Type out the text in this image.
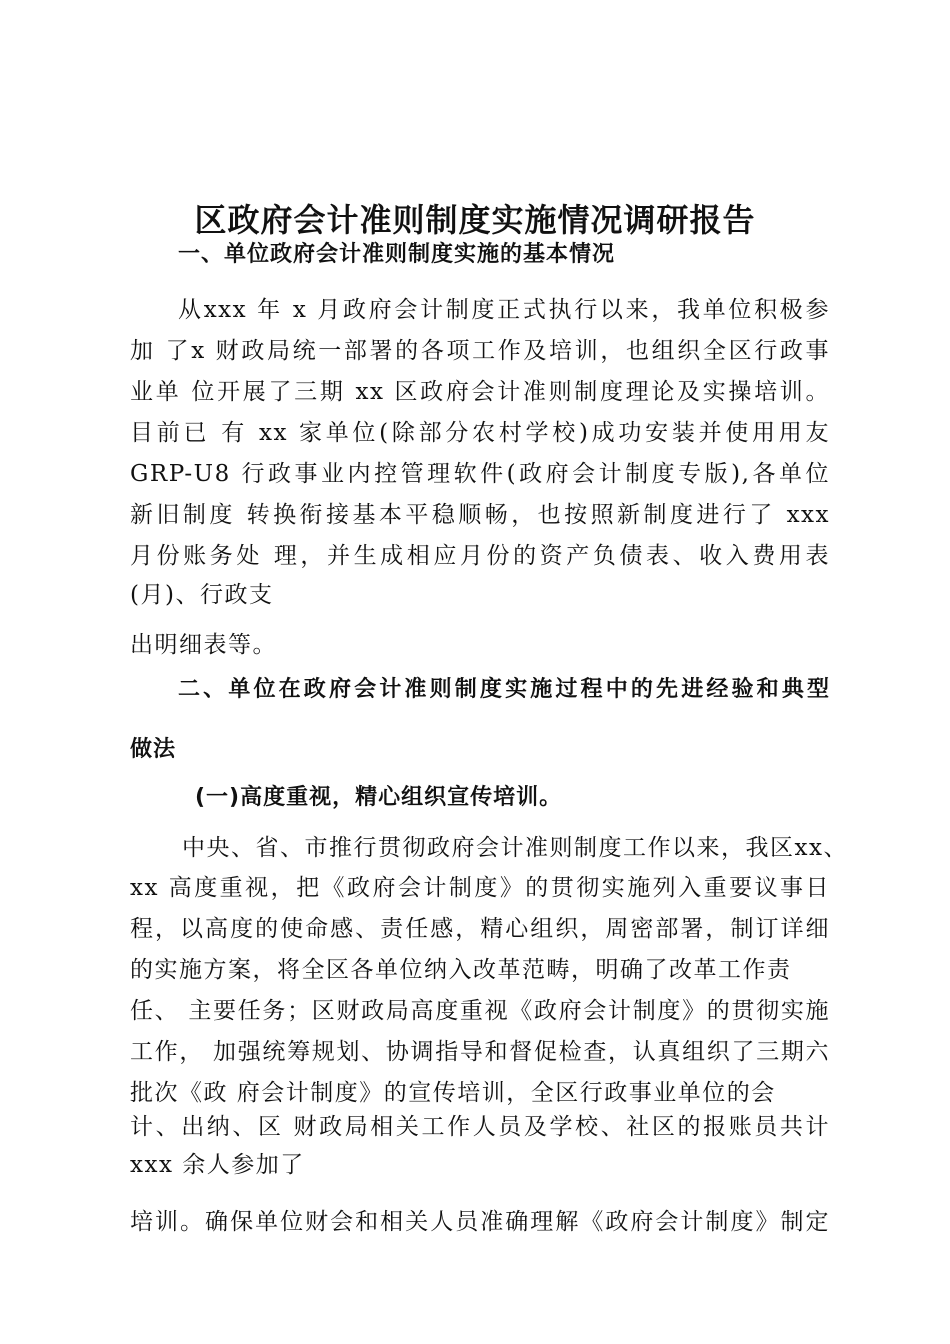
区政府会计准则制度实施情况调研报告
一、单位政府会计准则制度实施的基本情况
从xxx 年 x 月政府会计制度正式执行以来，我单位积极参
加 了x 财政局统一部署的各项工作及培训，也组织全区行政事
业单 位开展了三期 xx 区政府会计准则制度理论及实操培训。
目前已 有 xx 家单位(除部分农村学校)成功安装并使用用友
GRP-U8 行政事业内控管理软件(政府会计制度专版),各单位
新旧制度 转换衔接基本平稳顺畅，也按照新制度进行了 xxx
月份账务处 理，并生成相应月份的资产负债表、收入费用表
(月)、行政支
出明细表等。
二、单位在政府会计准则制度实施过程中的先进经验和典型
做法
(一)高度重视，精心组织宣传培训。
中央、省、市推行贯彻政府会计准则制度工作以来，我区xx、
xx 高度重视，把《政府会计制度》的贯彻实施列入重要议事日
程，以高度的使命感、责任感，精心组织，周密部署，制订详细
的实施方案，将全区各单位纳入改革范畴，明确了改革工作责
任、 主要任务；区财政局高度重视《政府会计制度》的贯彻实施
工作， 加强统筹规划、协调指导和督促检查，认真组织了三期六
批次《政 府会计制度》的宣传培训，全区行政事业单位的会
计、出纳、区 财政局相关工作人员及学校、社区的报账员共计
xxx 余人参加了
培训。确保单位财会和相关人员准确理解《政府会计制度》制定
